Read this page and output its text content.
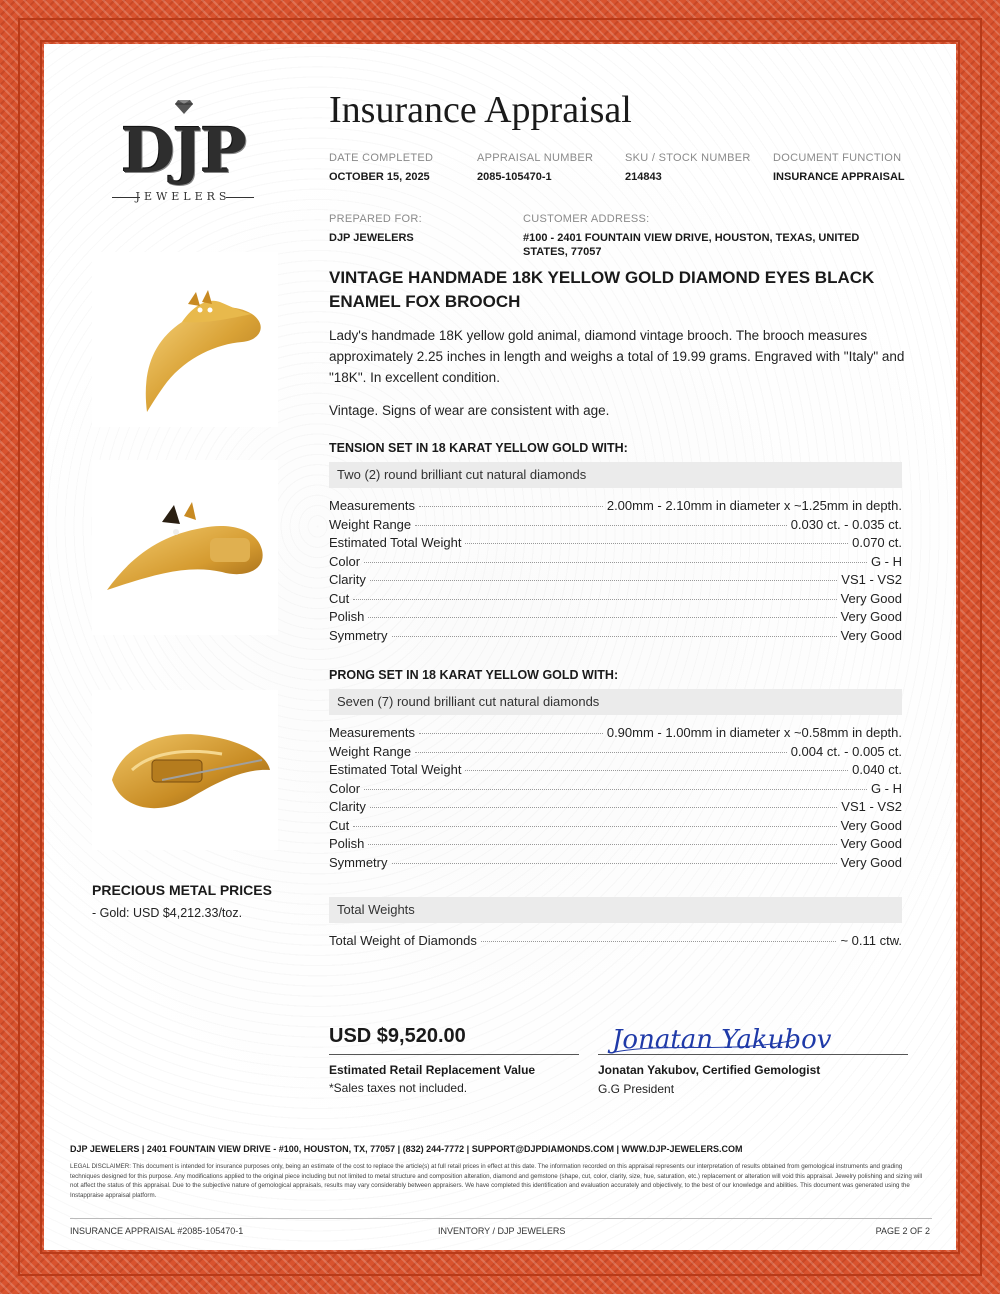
DJP
JEWELERS
Insurance Appraisal
DATE COMPLETED
OCTOBER 15, 2025
APPRAISAL NUMBER
2085-105470-1
SKU / STOCK NUMBER
214843
DOCUMENT FUNCTION
INSURANCE APPRAISAL
PREPARED FOR:
DJP JEWELERS
CUSTOMER ADDRESS:
#100 - 2401 FOUNTAIN VIEW DRIVE, HOUSTON, TEXAS, UNITED STATES, 77057
VINTAGE HANDMADE 18K YELLOW GOLD DIAMOND EYES BLACK ENAMEL FOX BROOCH
Lady's handmade 18K yellow gold animal, diamond vintage brooch. The brooch measures approximately 2.25 inches in length and weighs a total of 19.99 grams. Engraved with "Italy" and "18K". In excellent condition.
Vintage. Signs of wear are consistent with age.
PRECIOUS METAL PRICES
- Gold: USD $4,212.33/toz.
TENSION SET IN 18 KARAT YELLOW GOLD WITH:
Two (2) round brilliant cut natural diamonds
Measurements	2.00mm - 2.10mm in diameter x ~1.25mm in depth.
Weight Range	0.030 ct. - 0.035 ct.
Estimated Total Weight	0.070 ct.
Color	G - H
Clarity	VS1 - VS2
Cut	Very Good
Polish	Very Good
Symmetry	Very Good
PRONG SET IN 18 KARAT YELLOW GOLD WITH:
Seven (7) round brilliant cut natural diamonds
Measurements	0.90mm - 1.00mm in diameter x ~0.58mm in depth.
Weight Range	0.004 ct. - 0.005 ct.
Estimated Total Weight	0.040 ct.
Color	G - H
Clarity	VS1 - VS2
Cut	Very Good
Polish	Very Good
Symmetry	Very Good
Total Weights
Total Weight of Diamonds	~ 0.11 ctw.
USD $9,520.00
Estimated Retail Replacement Value
*Sales taxes not included.
Jonatan Yakubov
Jonatan Yakubov, Certified Gemologist
G.G President
DJP JEWELERS | 2401 FOUNTAIN VIEW DRIVE - #100, HOUSTON, TX, 77057 | (832) 244-7772 | SUPPORT@DJPDIAMONDS.COM | WWW.DJP-JEWELERS.COM
LEGAL DISCLAIMER: This document is intended for insurance purposes only, being an estimate of the cost to replace the article(s) at full retail prices in effect at this date. The information recorded on this appraisal represents our interpretation of results obtained from gemological instruments and grading techniques designed for this purpose. Any modifications applied to the original piece including but not limited to metal structure and composition alteration, diamond and gemstone (shape, cut, color, clarity, size, hue, saturation, etc.) replacement or alteration will void this appraisal. Jewelry polishing and sizing will not affect the status of this appraisal. Due to the subjective nature of gemological appraisals, results may vary considerably between appraisers. We have completed this identification and evaluation accurately and objectively, to the best of our knowledge and abilities. This document was generated using the Instappraise appraisal platform.
INSURANCE APPRAISAL #2085-105470-1	INVENTORY / DJP JEWELERS	PAGE 2 OF 2
